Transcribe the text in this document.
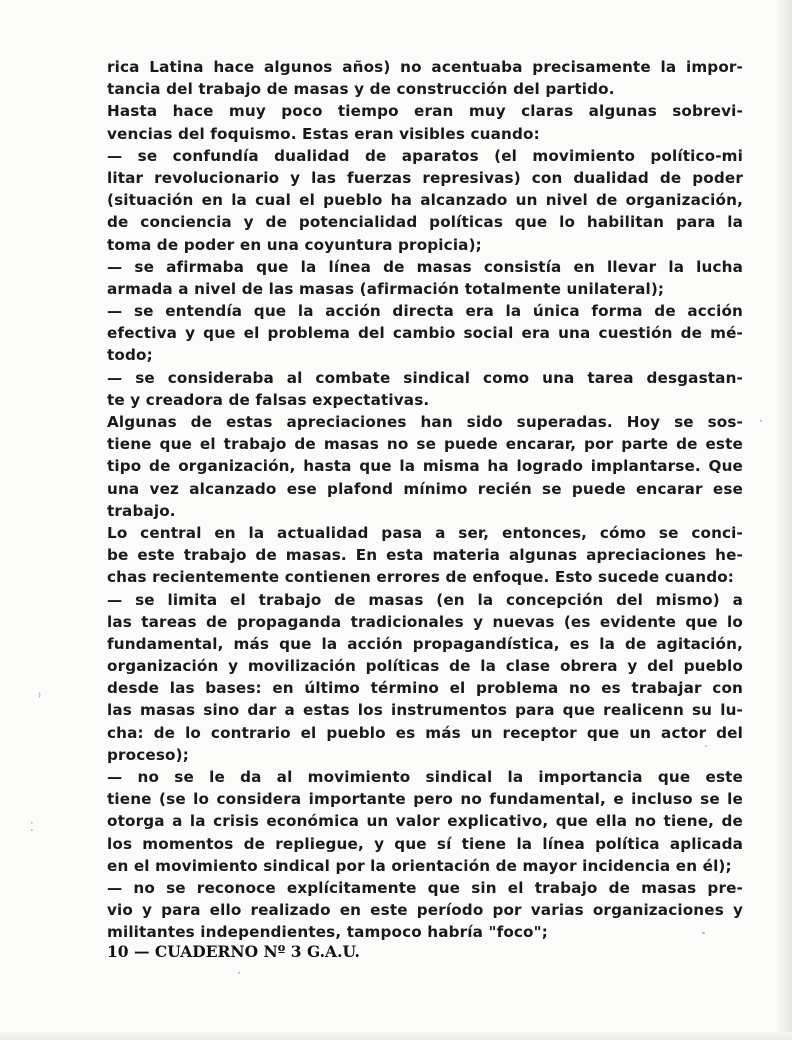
⁾
⁚
rica Latina hace algunos años) no acentuaba precisamente la impor-
tancia del trabajo de masas y de construcción del partido.
Hasta hace muy poco tiempo eran muy claras algunas sobrevi-
vencias del foquismo. Estas eran visibles cuando:
— se confundía dualidad de aparatos (el movimiento político-mi
litar revolucionario y las fuerzas represivas) con dualidad de poder
(situación en la cual el pueblo ha alcanzado un nivel de organización,
de conciencia y de potencialidad políticas que lo habilitan para la
toma de poder en una coyuntura propicia);
— se afirmaba que la línea de masas consistía en llevar la lucha
armada a nivel de las masas (afirmación totalmente unilateral);
— se entendía que la acción directa era la única forma de acción
efectiva y que el problema del cambio social era una cuestión de mé-
todo;
— se consideraba al combate sindical como una tarea desgastan-
te y creadora de falsas expectativas.
Algunas de estas apreciaciones han sido superadas. Hoy se sos-
tiene que el trabajo de masas no se puede encarar, por parte de este
tipo de organización, hasta que la misma ha logrado implantarse. Que
una vez alcanzado ese plafond mínimo recién se puede encarar ese
trabajo.
Lo central en la actualidad pasa a ser, entonces, cómo se conci-
be este trabajo de masas. En esta materia algunas apreciaciones he-
chas recientemente contienen errores de enfoque. Esto sucede cuando:
— se limita el trabajo de masas (en la concepción del mismo) a
las tareas de propaganda tradicionales y nuevas (es evidente que lo
fundamental, más que la acción propagandística, es la de agitación,
organización y movilización políticas de la clase obrera y del pueblo
desde las bases: en último término el problema no es trabajar con
las masas sino dar a estas los instrumentos para que realicenn su lu-
cha: de lo contrario el pueblo es más un receptor que un actor del
proceso);
— no se le da al movimiento sindical la importancia que este
tiene (se lo considera importante pero no fundamental, e incluso se le
otorga a la crisis económica un valor explicativo, que ella no tiene, de
los momentos de repliegue, y que sí tiene la línea política aplicada
en el movimiento sindical por la orientación de mayor incidencia en él);
— no se reconoce explícitamente que sin el trabajo de masas pre-
vio y para ello realizado en este período por varias organizaciones y
militantes independientes, tampoco habría "foco";
10 — CUADERNO Nº 3 G.A.U.
